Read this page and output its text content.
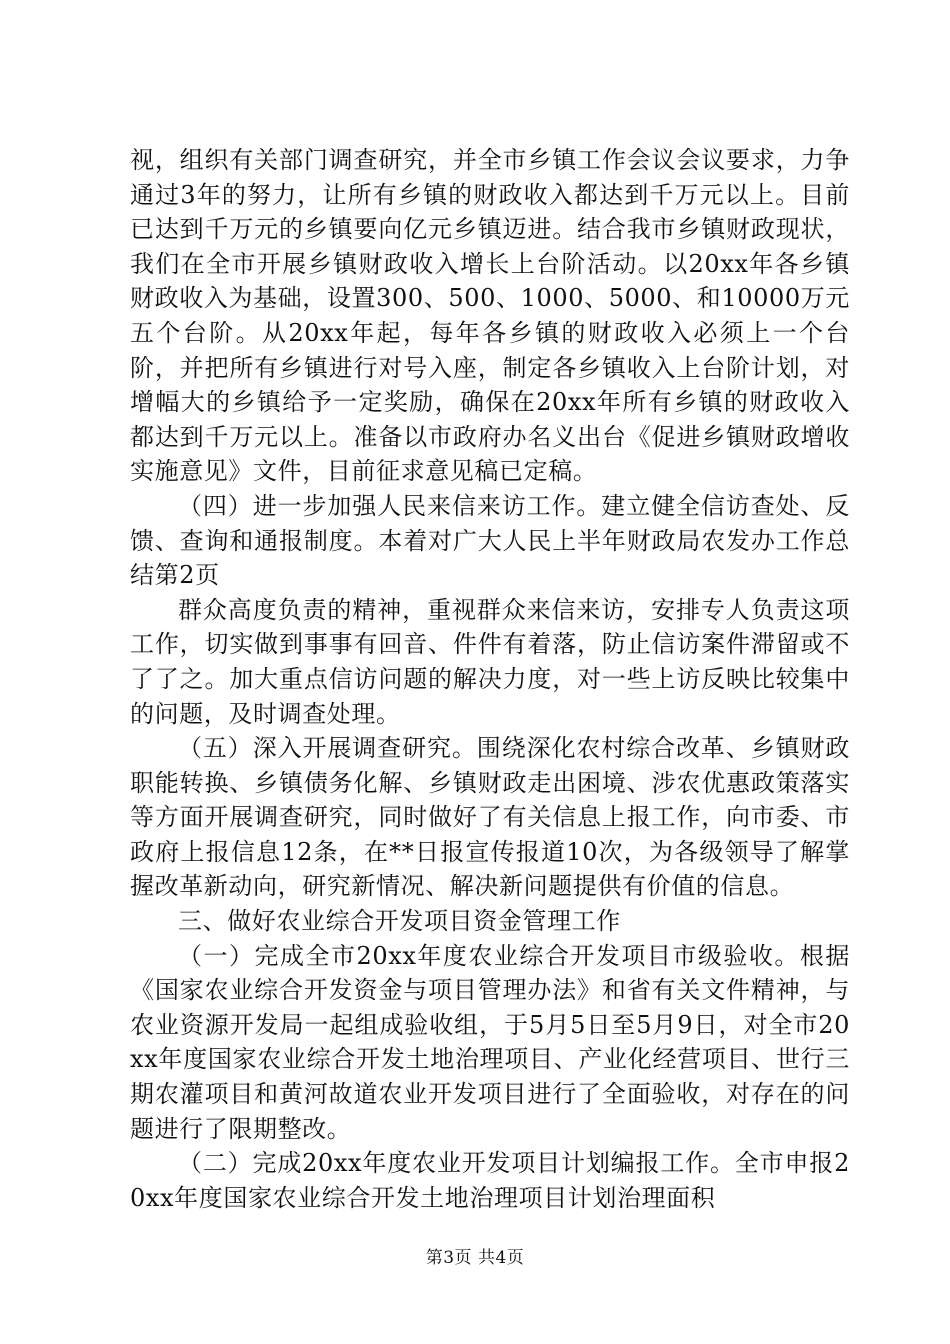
视，组织有关部门调查研究，并全市乡镇工作会议会议要求，力争通过3年的努力，让所有乡镇的财政收入都达到千万元以上。目前已达到千万元的乡镇要向亿元乡镇迈进。结合我市乡镇财政现状，我们在全市开展乡镇财政收入增长上台阶活动。以20xx年各乡镇财政收入为基础，设置300、500、1000、5000、和10000万元五个台阶。从20xx年起，每年各乡镇的财政收入必须上一个台阶，并把所有乡镇进行对号入座，制定各乡镇收入上台阶计划，对增幅大的乡镇给予一定奖励，确保在20xx年所有乡镇的财政收入都达到千万元以上。准备以市政府办名义出台《促进乡镇财政增收实施意见》文件，目前征求意见稿已定稿。

（四）进一步加强人民来信来访工作。建立健全信访查处、反馈、查询和通报制度。本着对广大人民上半年财政局农发办工作总结第2页

群众高度负责的精神，重视群众来信来访，安排专人负责这项工作，切实做到事事有回音、件件有着落，防止信访案件滞留或不了了之。加大重点信访问题的解决力度，对一些上访反映比较集中的问题，及时调查处理。

（五）深入开展调查研究。围绕深化农村综合改革、乡镇财政职能转换、乡镇债务化解、乡镇财政走出困境、涉农优惠政策落实等方面开展调查研究，同时做好了有关信息上报工作，向市委、市政府上报信息12条，在**日报宣传报道10次，为各级领导了解掌握改革新动向，研究新情况、解决新问题提供有价值的信息。

三、做好农业综合开发项目资金管理工作

（一）完成全市20xx年度农业综合开发项目市级验收。根据《国家农业综合开发资金与项目管理办法》和省有关文件精神，与农业资源开发局一起组成验收组，于5月5日至5月9日，对全市20xx年度国家农业综合开发土地治理项目、产业化经营项目、世行三期农灌项目和黄河故道农业开发项目进行了全面验收，对存在的问题进行了限期整改。

（二）完成20xx年度农业开发项目计划编报工作。全市申报20xx年度国家农业综合开发土地治理项目计划治理面积

第3页 共4页
